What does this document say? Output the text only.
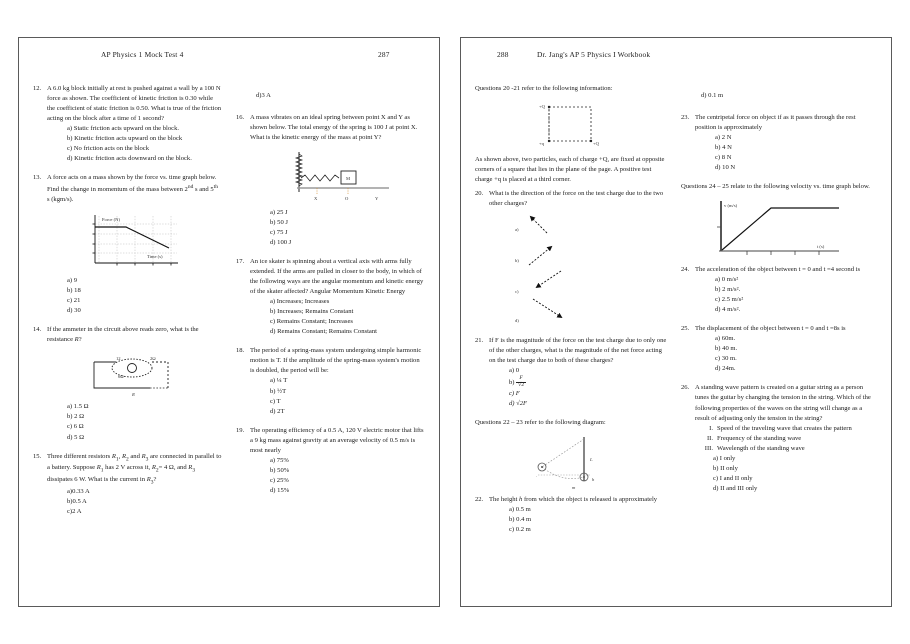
AP Physics 1 Mock Test 4	287
12. A 6.0 kg block initially at rest is pushed against a wall by a 100 N force as shown. The coefficient of kinetic friction is 0.30 while the coefficient of static friction is 0.50. What is true of the friction acting on the block after a time of 1 second?

a) Static friction acts upward on the block.

b) Kinetic friction acts upward on the block

c) No friction acts on the block

d) Kinetic friction acts downward on the block.

13. A force acts on a mass shown by the force vs. time graph below. Find the change in momentum of the mass between 2nd s and 5th s (kgm/s).

Force (N)
Time (s)

a) 9

b) 18

c) 21

d) 30

14. If the ammeter in the circuit above reads zero, what is the resistance R?

12	2Ω
6Ω
R

a) 1.5 Ω

b) 2 Ω

c) 6 Ω

d) 5 Ω

15. Three different resistors $R_1$, $R_2$ and $R_3$ are connected in parallel to a battery. Suppose $R_1$ has 2 V across it, $R_2= 4$ Ω, and $R_3$ dissipates 6 W. What is the current in $R_3$?

a)0.33 A

b)0.5 A

c)2 A

d)3 A

16. A mass vibrates on an ideal spring between point X and Y as shown below. The total energy of the spring is 100 J at point X. What is the kinetic energy of the mass at point Y?

M
X	O	Y

a) 25 J

b) 50 J

c) 75 J

d) 100 J

17. An ice skater is spinning about a vertical axis with arms fully extended. If the arms are pulled in closer to the body, in which of the following ways are the angular momentum and kinetic energy of the skater affected? Angular Momentum Kinetic Energy

a) Increases; Increases

b) Increases; Remains Constant

c) Remains Constant; Increases

d) Remains Constant; Remains Constant

18. The period of a spring-mass system undergoing simple harmonic motion is T. If the amplitude of the spring-mass system's motion is doubled, the period will be:

a) ¼ T

b) ½T

c) T

d) 2T

19. The operating efficiency of a 0.5 A, 120 V electric motor that lifts a 9 kg mass against gravity at an average velocity of 0.5 m/s is most nearly

a) 75%

b) 50%

c) 25%

d) 15%

288	Dr. Jang's AP 5 Physics I Workbook

Questions 20 -21 refer to the following information:

+Q
+q	+Q

As shown above, two particles, each of charge +Q, are fixed at opposite corners of a square that lies in the plane of the page. A positive test charge +q is placed at a third corner.

20. What is the direction of the force on the test charge due to the two other charges?

a)
b)
c)
d)
21. If F is the magnitude of the force on the test charge due to only one of the other charges, what is the magnitude of the net force acting on the test charge due to both of these charges?

a) 0

$b) \frac{F}{√2}$

c) F

d) √2F

Questions 22 – 23 refer to the following diagram:

L
h
m
.
22. The height h from which the object is released is approximately

a) 0.5 m

b) 0.4 m

c) 0.2 m

d) 0.1 m

23. The centripetal force on object if as it passes through the rest position is approximately

a) 2 N

b) 4 N

c) 8 N

d) 10 N

Questions 24 – 25 relate to the following velocity vs. time graph below.

v (m/s)
t (s)
24. The acceleration of the object between t = 0 and t =4 second is

a) 0 m/s²

b) 2 m/s².

c) 2.5 m/s²

d) 4 m/s².

25. The displacement of the object between t = 0 and t =8s is

a) 60m.

b) 40 m.

c) 30 m.

d) 24m.

26. A standing wave pattern is created on a guitar string as a person tunes the guitar by changing the tension in the string. Which of the following properties of the waves on the string will change as a result of adjusting only the tension in the string?

I. Speed of the traveling wave that creates the pattern
II. Frequency of the standing wave
III. Wavelength of the standing wave

a) I only

b) II only

c) I and II only

d) II and III only
